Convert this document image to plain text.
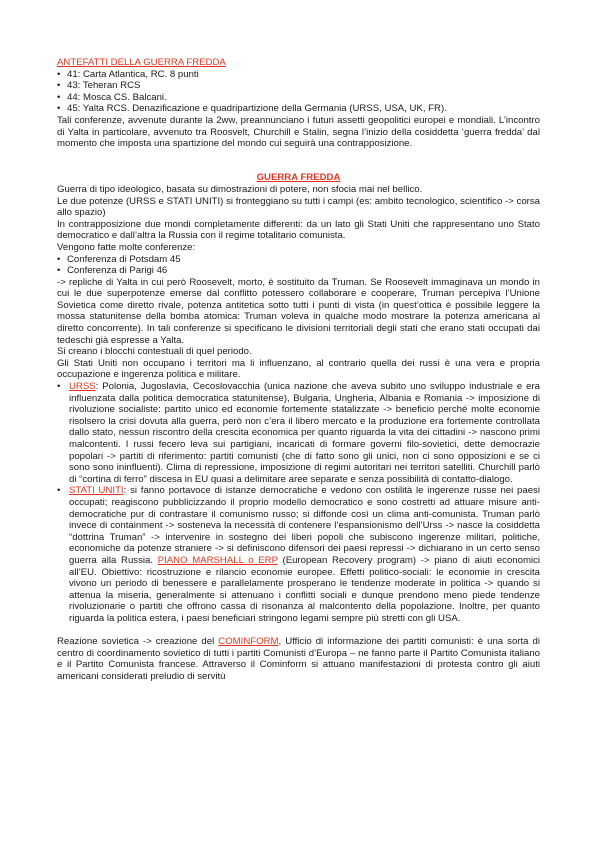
ANTEFATTI DELLA GUERRA FREDDA
• 41: Carta Atlantica, RC. 8 punti
• 43: Teheran RCS
• 44: Mosca CS. Balcani.
• 45: Yalta RCS. Denazificazione e quadripartizione della Germania (URSS, USA, UK, FR).

Tali conferenze, avvenute durante la 2ww, preannunciano i futuri assetti geopolitici europei e mondiali. L’incontro di Yalta in particolare, avvenuto tra Roosvelt, Churchill e Stalin, segna l’inizio della cosiddetta ‘guerra fredda’ dal momento che imposta una spartizione del mondo cui seguirà una contrapposizione.

GUERRA FREDDA

Guerra di tipo ideologico, basata su dimostrazioni di potere, non sfocia mai nel bellico.

Le due potenze (URSS e STATI UNITI) si fronteggiano su tutti i campi (es: ambito tecnologico, scientifico -> corsa allo spazio)

In contrapposizione due mondi completamente differenti: da un lato gli Stati Uniti che rappresentano uno Stato democratico e dall’altra la Russia con il regime totalitario comunista.

Vengono fatte molte conferenze:

• Conferenza di Potsdam 45
• Conferenza di Parigi 46

-> repliche di Yalta in cui però Roosevelt, morto, è sostituito da Truman. Se Roosevelt immaginava un mondo in cui le due superpotenze emerse dal conflitto potessero collaborare e cooperare, Truman percepiva l’Unione Sovietica come diretto rivale, potenza antitetica sotto tutti i punti di vista (in quest’ottica è possibile leggere la mossa statunitense della bomba atomica: Truman voleva in qualche modo mostrare la potenza americana al diretto concorrente). In tali conferenze si specificano le divisioni territoriali degli stati che erano stati occupati dai tedeschi già espresse a Yalta.

Si creano i blocchi contestuali di quel periodo.

Gli Stati Uniti non occupano i territori ma li influenzano, al contrario quella dei russi è una vera e propria occupazione e ingerenza politica e militare.

• URSS: Polonia, Jugoslavia, Cecoslovacchia (unica nazione che aveva subito uno sviluppo industriale e era influenzata dalla politica democratica statunitense), Bulgaria, Ungheria, Albania e Romania -> imposizione di rivoluzione socialiste: partito unico ed economie fortemente statalizzate -> beneficio perché molte economie risolsero la crisi dovuta alla guerra, però non c’era il libero mercato e la produzione era fortemente controllata dallo stato, nessun riscontro della crescita economica per quanto riguarda la vita dei cittadini -> nascono primi malcontenti. I russi fecero leva sui partigiani, incaricati di formare governi filo-sovietici, dette democrazie popolari -> partiti di riferimento: partiti comunisti (che di fatto sono gli unici, non ci sono opposizioni e se ci sono sono ininfluenti). Clima di repressione, imposizione di regimi autoritari nei territori satelliti. Churchill parlò di “cortina di ferro” discesa in EU quasi a delimitare aree separate e senza possibilità di contatto-dialogo.
• STATI UNITI: si fanno portavoce di istanze democratiche e vedono con ostilità le ingerenze russe nei paesi occupati; reagiscono pubblicizzando il proprio modello democratico e sono costretti ad attuare misure anti-democratiche pur di contrastare il comunismo russo; si diffonde così un clima anti-comunista. Truman parlò invece di containment -> sosteneva la necessità di contenere l’espansionismo dell’Urss -> nasce la cosiddetta “dottrina Truman” -> intervenire in sostegno dei liberi popoli che subiscono ingerenze militari, politiche, economiche da potenze straniere -> si definiscono difensori dei paesi repressi -> dichiarano in un certo senso guerra alla Russia. PIANO MARSHALL o ERP (European Recovery program) -> piano di aiuti economici all’EU. Obiettivo: ricostruzione e rilancio economie europee. Effetti politico-sociali: le economie in crescita vivono un periodo di benessere e parallelamente prosperano le tendenze moderate in politica -> quando si attenua la miseria, generalmente si attenuano i conflitti sociali e dunque prendono meno piede tendenze rivoluzionarie o partiti che offrono cassa di risonanza al malcontento della popolazione. Inoltre, per quanto riguarda la politica estera, i paesi beneficiari stringono legami sempre più stretti con gli USA.

Reazione sovietica -> creazione del COMINFORM, Ufficio di informazione dei partiti comunisti: è una sorta di centro di coordinamento sovietico di tutti i partiti Comunisti d’Europa – ne fanno parte il Partito Comunista italiano e il Partito Comunista francese. Attraverso il Cominform si attuano manifestazioni di protesta contro gli aiuti americani considerati preludio di servitù
